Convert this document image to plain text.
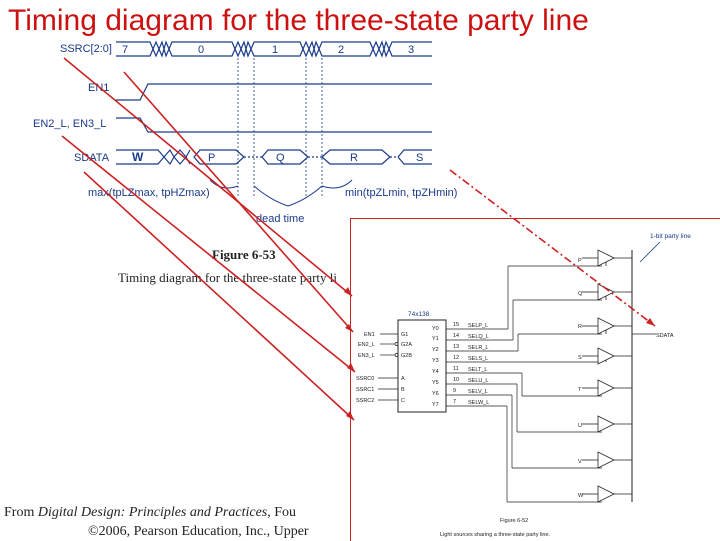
Timing diagram for the three-state party line
SSRC[2:0]
EN1
EN2_L, EN3_L
SDATA
7	0	1	2	3
W	P	Q	R	S
max(tpLZmax, tpHZmax)	min(tpZLmin, tpZHmin)
dead time
Figure 6-53
Timing diagram for the three-state party li
74x138
EN1
EN2_L
EN3_L
SSRC0
SSRC1
SSRC2
G1
G2A
G2B
A
B
C
Y0
Y1
Y2
Y3
Y4
Y5
Y6
Y7
15
14
13
12
11
10
9
7
SELP_L
SELQ_L
SELR_L
SELS_L
SELT_L
SELU_L
SELV_L
SELW_L
P
Q
R
S
T
U
V
W
SDATA
1-bit party line
Figure 6-52
Light sources sharing a three-state party line.
From Digital Design: Principles and Practices, Fou
©2006, Pearson Education, Inc., Upper
